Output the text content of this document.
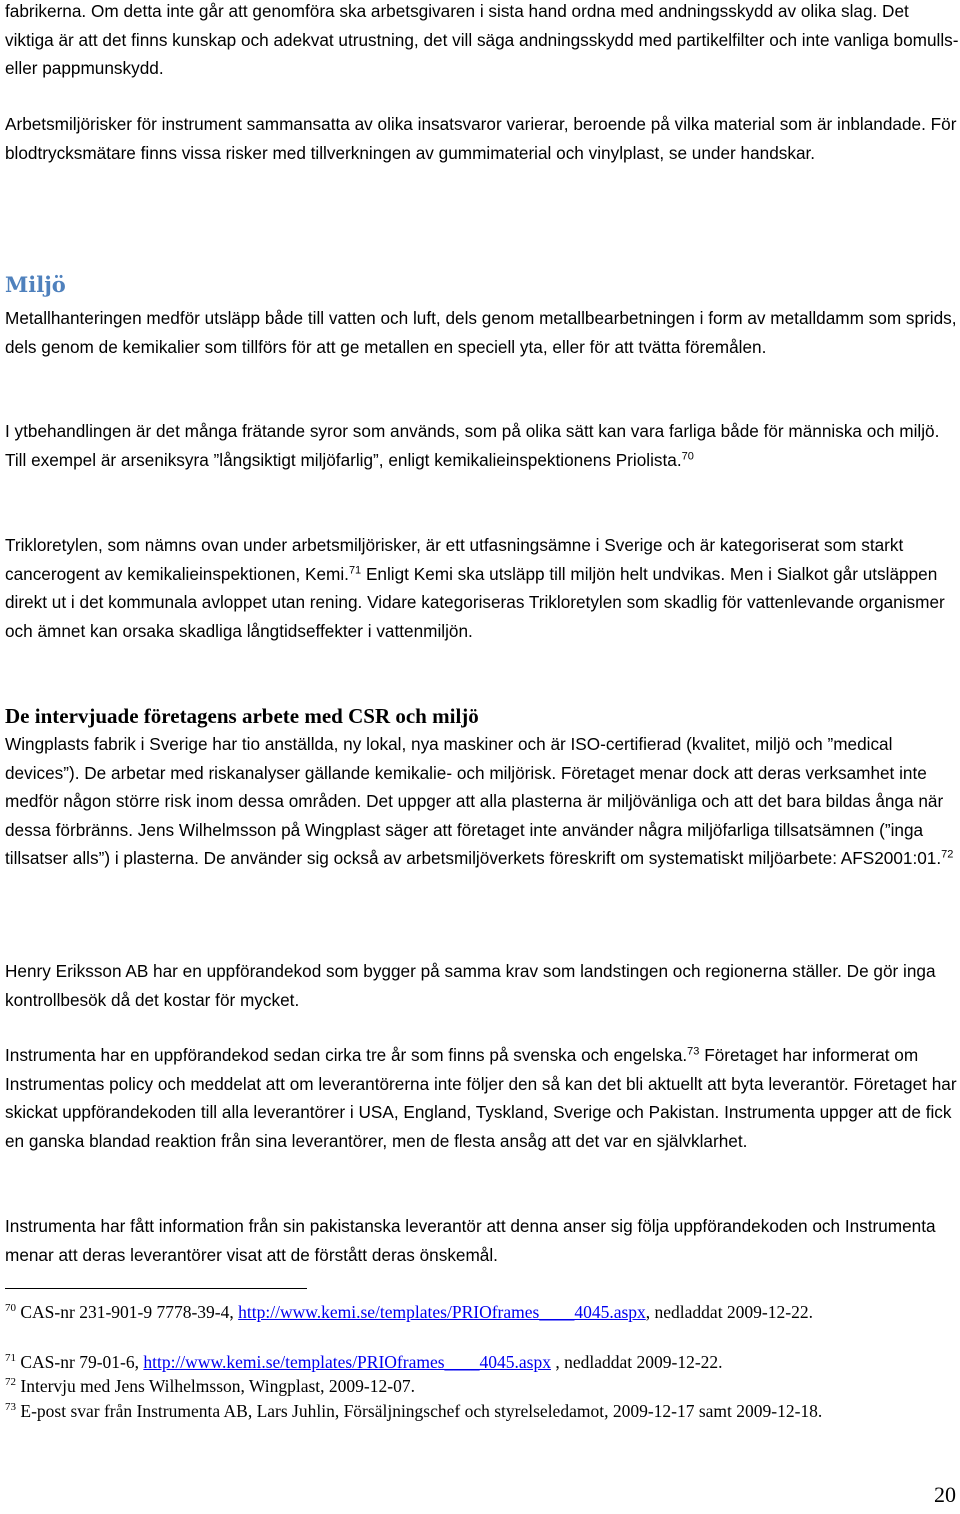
fabrikerna. Om detta inte går att genomföra ska arbetsgivaren i sista hand ordna med andningsskydd av olika slag. Det viktiga är att det finns kunskap och adekvat utrustning, det vill säga andningsskydd med partikelfilter och inte vanliga bomulls- eller pappmunskydd.

Arbetsmiljörisker för instrument sammansatta av olika insatsvaror varierar, beroende på vilka material som är inblandade. För blodtrycksmätare finns vissa risker med tillverkningen av gummimaterial och vinylplast, se under handskar.

Miljö

Metallhanteringen medför utsläpp både till vatten och luft, dels genom metallbearbetningen i form av metalldamm som sprids, dels genom de kemikalier som tillförs för att ge metallen en speciell yta, eller för att tvätta föremålen.

I ytbehandlingen är det många frätande syror som används, som på olika sätt kan vara farliga både för människa och miljö. Till exempel är arseniksyra ”långsiktigt miljöfarlig”, enligt kemikalieinspektionens Priolista.$^{70}$

Trikloretylen, som nämns ovan under arbetsmiljörisker, är ett utfasningsämne i Sverige och är kategoriserat som starkt cancerogent av kemikalieinspektionen, Kemi.$^{71}$ Enligt Kemi ska utsläpp till miljön helt undvikas. Men i Sialkot går utsläppen direkt ut i det kommunala avloppet utan rening. Vidare kategoriseras Trikloretylen som skadlig för vattenlevande organismer och ämnet kan orsaka skadliga långtidseffekter i vattenmiljön.

De intervjuade företagens arbete med CSR och miljö

Wingplasts fabrik i Sverige har tio anställda, ny lokal, nya maskiner och är ISO-certifierad (kvalitet, miljö och ”medical devices”). De arbetar med riskanalyser gällande kemikalie- och miljörisk. Företaget menar dock att deras verksamhet inte medför någon större risk inom dessa områden. Det uppger att alla plasterna är miljövänliga och att det bara bildas ånga när dessa förbränns. Jens Wilhelmsson på Wingplast säger att företaget inte använder några miljöfarliga tillsatsämnen (”inga tillsatser alls”) i plasterna. De använder sig också av arbetsmiljöverkets föreskrift om systematiskt miljöarbete: AFS2001:01.72

Henry Eriksson AB har en uppförandekod som bygger på samma krav som landstingen och regionerna ställer. De gör inga kontrollbesök då det kostar för mycket.

Instrumenta har en uppförandekod sedan cirka tre år som finns på svenska och engelska.$^{73}$ Företaget har informerat om Instrumentas policy och meddelat att om leverantörerna inte följer den så kan det bli aktuellt att byta leverantör. Företaget har skickat uppförandekoden till alla leverantörer i USA, England, Tyskland, Sverige och Pakistan. Instrumenta uppger att de fick en ganska blandad reaktion från sina leverantörer, men de flesta ansåg att det var en självklarhet.

Instrumenta har fått information från sin pakistanska leverantör att denna anser sig följa uppförandekoden och Instrumenta menar att deras leverantörer visat att de förstått deras önskemål.

$^{70}$ CAS-nr 231-901-9 7778-39-4, http://www.kemi.se/templates/PRIOframes____4045.aspx, nedladdat 2009-12-22.

$^{71}$ CAS-nr 79-01-6, http://www.kemi.se/templates/PRIOframes____4045.aspx , nedladdat 2009-12-22.

$^{72}$ Intervju med Jens Wilhelmsson, Wingplast, 2009-12-07.

$^{73}$ E-post svar från Instrumenta AB, Lars Juhlin, Försäljningschef och styrelseledamot, 2009-12-17 samt 2009-12-18.

20
